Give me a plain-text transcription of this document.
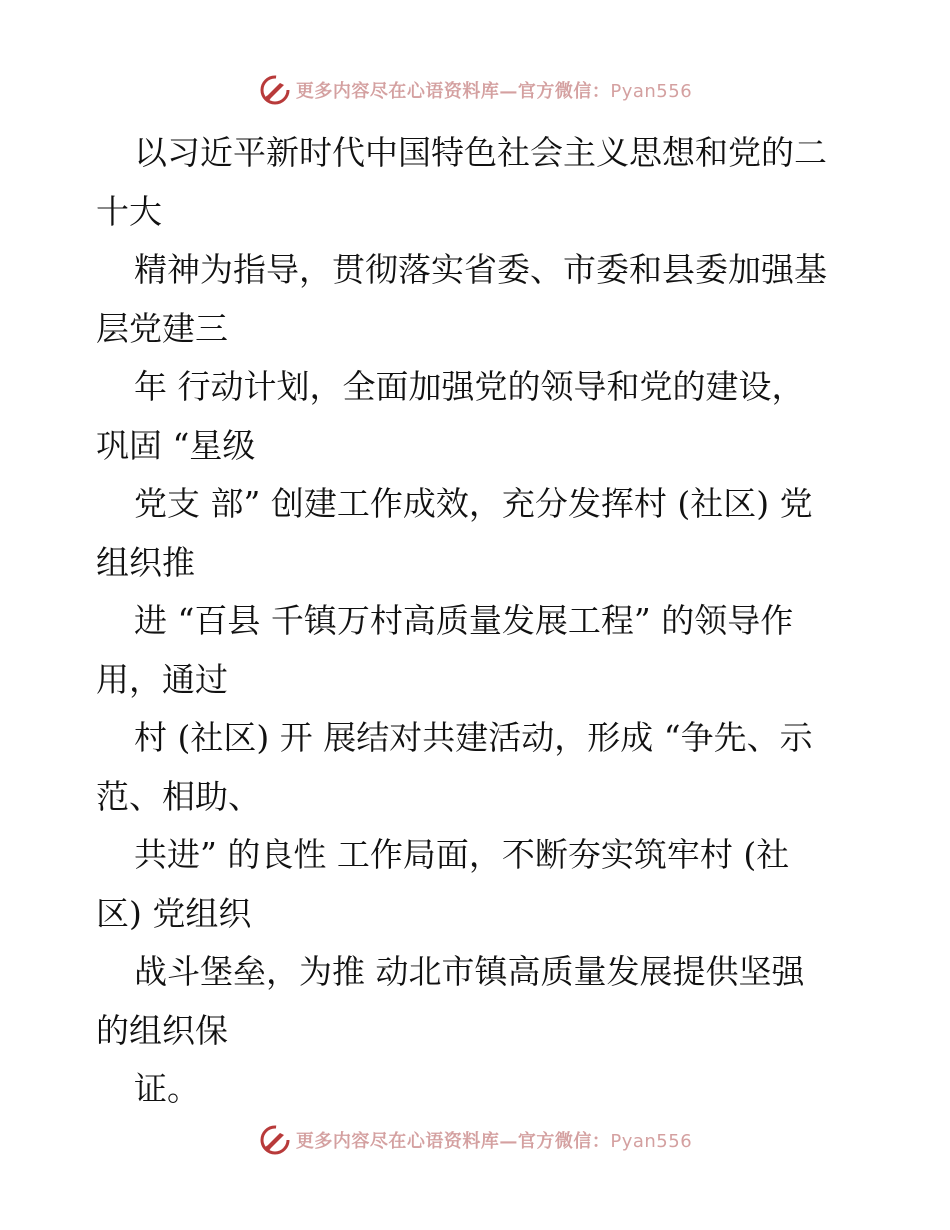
更多内容尽在心语资料库—官方微信：Pyan556
以习近平新时代中国特色社会主义思想和党的二
十大
精神为指导，贯彻落实省委、市委和县委加强基
层党建三
年 行动计划，全面加强党的领导和党的建设，
巩固 “星级
党支 部” 创建工作成效，充分发挥村 (社区) 党
组织推
进 “百县 千镇万村高质量发展工程” 的领导作
用，通过
村 (社区) 开 展结对共建活动，形成 “争先、示
范、相助、
共进” 的良性 工作局面，不断夯实筑牢村 (社
区) 党组织
战斗堡垒，为推 动北市镇高质量发展提供坚强
的组织保
证。
更多内容尽在心语资料库—官方微信：Pyan556
